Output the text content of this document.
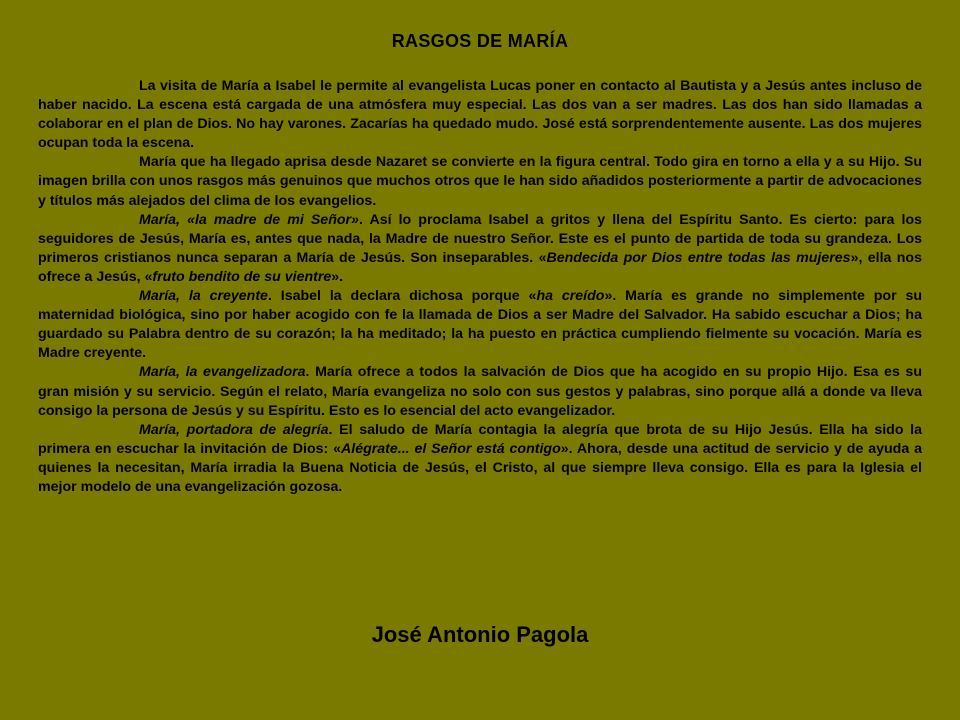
RASGOS DE MARÍA

La visita de María a Isabel le permite al evangelista Lucas poner en contacto al Bautista y a Jesús antes incluso de haber nacido. La escena está cargada de una atmósfera muy especial. Las dos van a ser madres. Las dos han sido llamadas a colaborar en el plan de Dios. No hay varones. Zacarías ha quedado mudo. José está sorprendentemente ausente. Las dos mujeres ocupan toda la escena.

María que ha llegado aprisa desde Nazaret se convierte en la figura central. Todo gira en torno a ella y a su Hijo. Su imagen brilla con unos rasgos más genuinos que muchos otros que le han sido añadidos posteriormente a partir de advocaciones y títulos más alejados del clima de los evangelios.

María, «la madre de mi Señor». Así lo proclama Isabel a gritos y llena del Espíritu Santo. Es cierto: para los seguidores de Jesús, María es, antes que nada, la Madre de nuestro Señor. Este es el punto de partida de toda su grandeza. Los primeros cristianos nunca separan a María de Jesús. Son inseparables. «Bendecida por Dios entre todas las mujeres», ella nos ofrece a Jesús, «fruto bendito de su vientre».

María, la creyente. Isabel la declara dichosa porque «ha creído». María es grande no simplemente por su maternidad biológica, sino por haber acogido con fe la llamada de Dios a ser Madre del Salvador. Ha sabido escuchar a Dios; ha guardado su Palabra dentro de su corazón; la ha meditado; la ha puesto en práctica cumpliendo fielmente su vocación. María es Madre creyente.

María, la evangelizadora. María ofrece a todos la salvación de Dios que ha acogido en su propio Hijo. Esa es su gran misión y su servicio. Según el relato, María evangeliza no solo con sus gestos y palabras, sino porque allá a donde va lleva consigo la persona de Jesús y su Espíritu. Esto es lo esencial del acto evangelizador.

María, portadora de alegría. El saludo de María contagia la alegría que brota de su Hijo Jesús. Ella ha sido la primera en escuchar la invitación de Dios: «Alégrate... el Señor está contigo». Ahora, desde una actitud de servicio y de ayuda a quienes la necesitan, María irradia la Buena Noticia de Jesús, el Cristo, al que siempre lleva consigo. Ella es para la Iglesia el mejor modelo de una evangelización gozosa.

José Antonio Pagola
